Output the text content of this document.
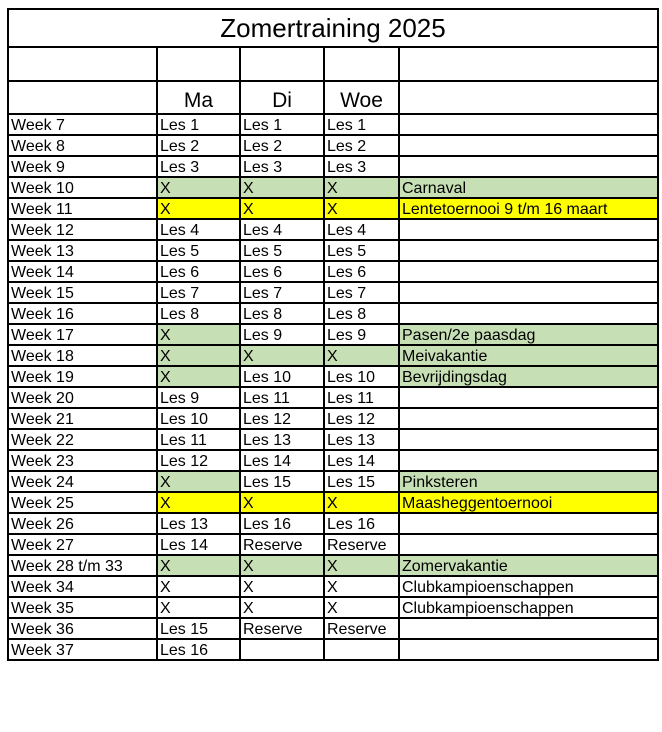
Zomertraining 2025				

	Ma	Di	Woe	
Week 7	Les 1	Les 1	Les 1	
Week 8	Les 2	Les 2	Les 2	
Week 9	Les 3	Les 3	Les 3	
Week 10	X	X	X	Carnaval
Week 11	X	X	X	Lentetoernooi 9 t/m 16 maart
Week 12	Les 4	Les 4	Les 4	
Week 13	Les 5	Les 5	Les 5	
Week 14	Les 6	Les 6	Les 6	
Week 15	Les 7	Les 7	Les 7	
Week 16	Les 8	Les 8	Les 8	
Week 17	X	Les 9	Les 9	Pasen/2e paasdag
Week 18	X	X	X	Meivakantie
Week 19	X	Les 10	Les 10	Bevrijdingsdag
Week 20	Les 9	Les 11	Les 11	
Week 21	Les 10	Les 12	Les 12	
Week 22	Les 11	Les 13	Les 13	
Week 23	Les 12	Les 14	Les 14	
Week 24	X	Les 15	Les 15	Pinksteren
Week 25	X	X	X	Maasheggentoernooi
Week 26	Les 13	Les 16	Les 16	
Week 27	Les 14	Reserve	Reserve	
Week 28 t/m 33	X	X	X	Zomervakantie
Week 34	X	X	X	Clubkampioenschappen
Week 35	X	X	X	Clubkampioenschappen
Week 36	Les 15	Reserve	Reserve	
Week 37	Les 16			
